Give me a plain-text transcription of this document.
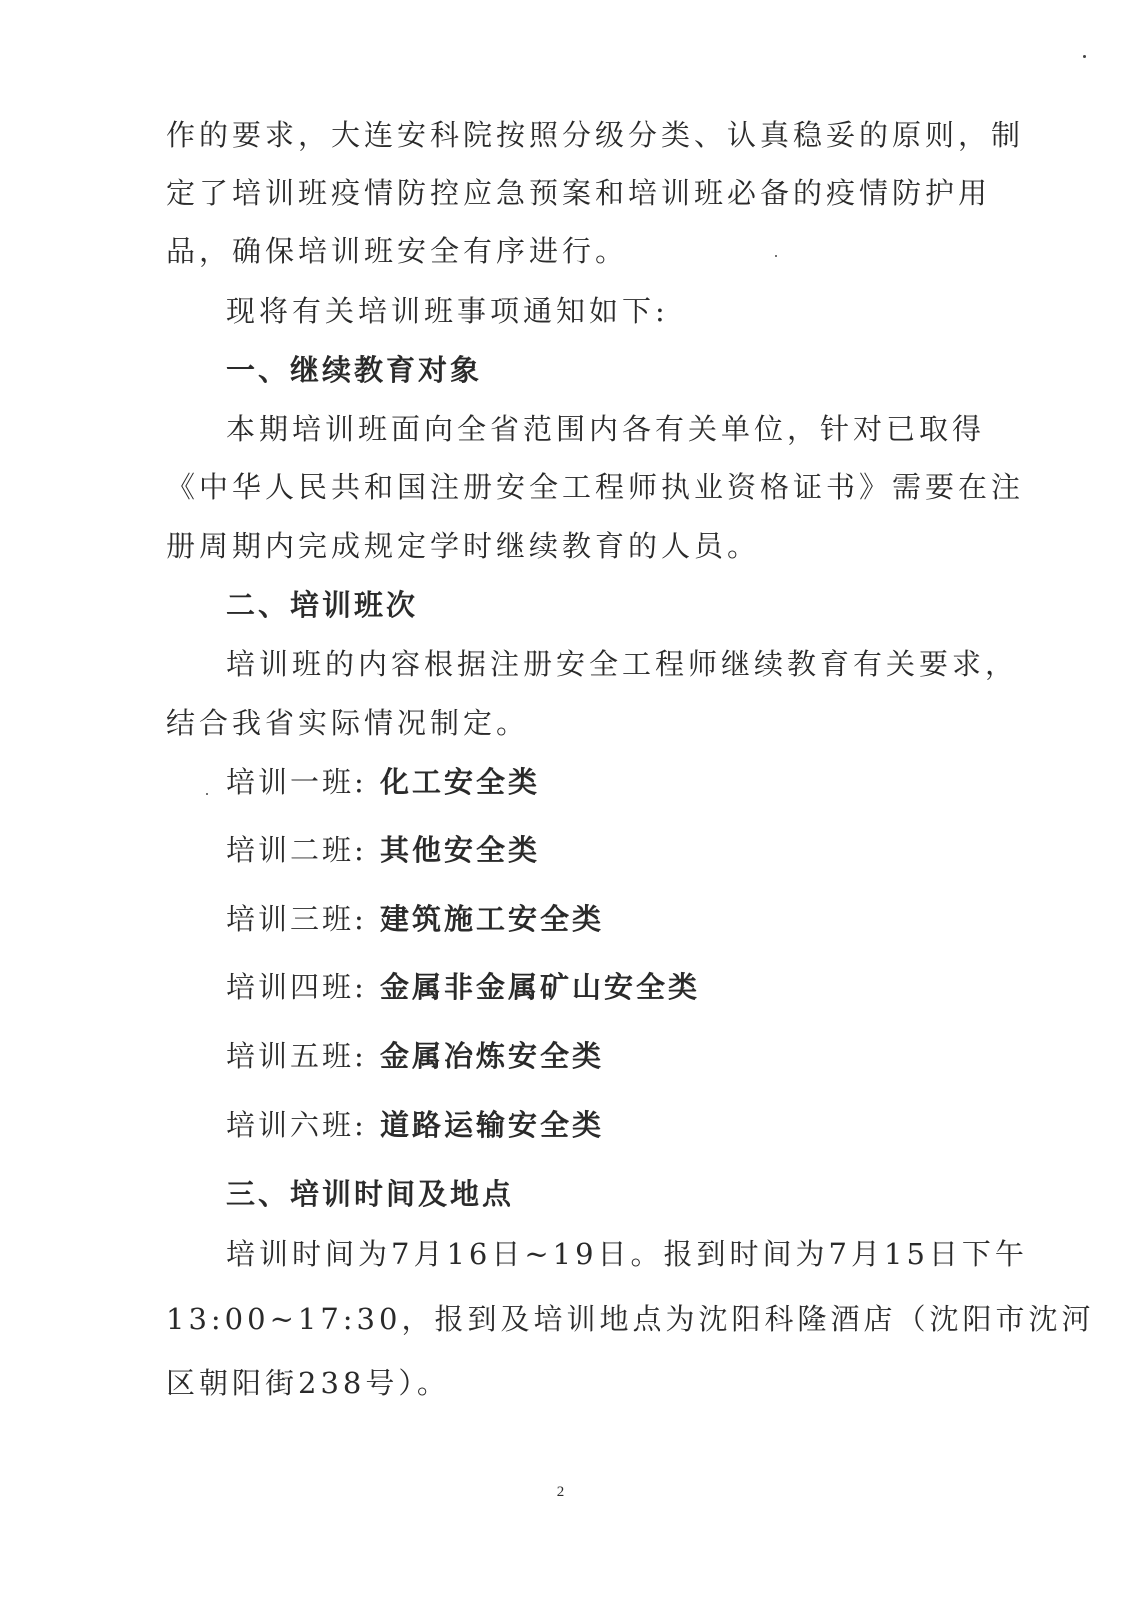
作的要求，大连安科院按照分级分类、认真稳妥的原则，制
定了培训班疫情防控应急预案和培训班必备的疫情防护用
品，确保培训班安全有序进行。
现将有关培训班事项通知如下:
一、继续教育对象
本期培训班面向全省范围内各有关单位，针对已取得
《中华人民共和国注册安全工程师执业资格证书》需要在注
册周期内完成规定学时继续教育的人员。
二、培训班次
培训班的内容根据注册安全工程师继续教育有关要求，
结合我省实际情况制定。
培训一班: 化工安全类
培训二班: 其他安全类
培训三班: 建筑施工安全类
培训四班: 金属非金属矿山安全类
培训五班: 金属冶炼安全类
培训六班: 道路运输安全类
三、培训时间及地点
培训时间为7月16日~19日。报到时间为7月15日下午
13:00~17:30，报到及培训地点为沈阳科隆酒店（沈阳市沈河
区朝阳街238号）。
2
